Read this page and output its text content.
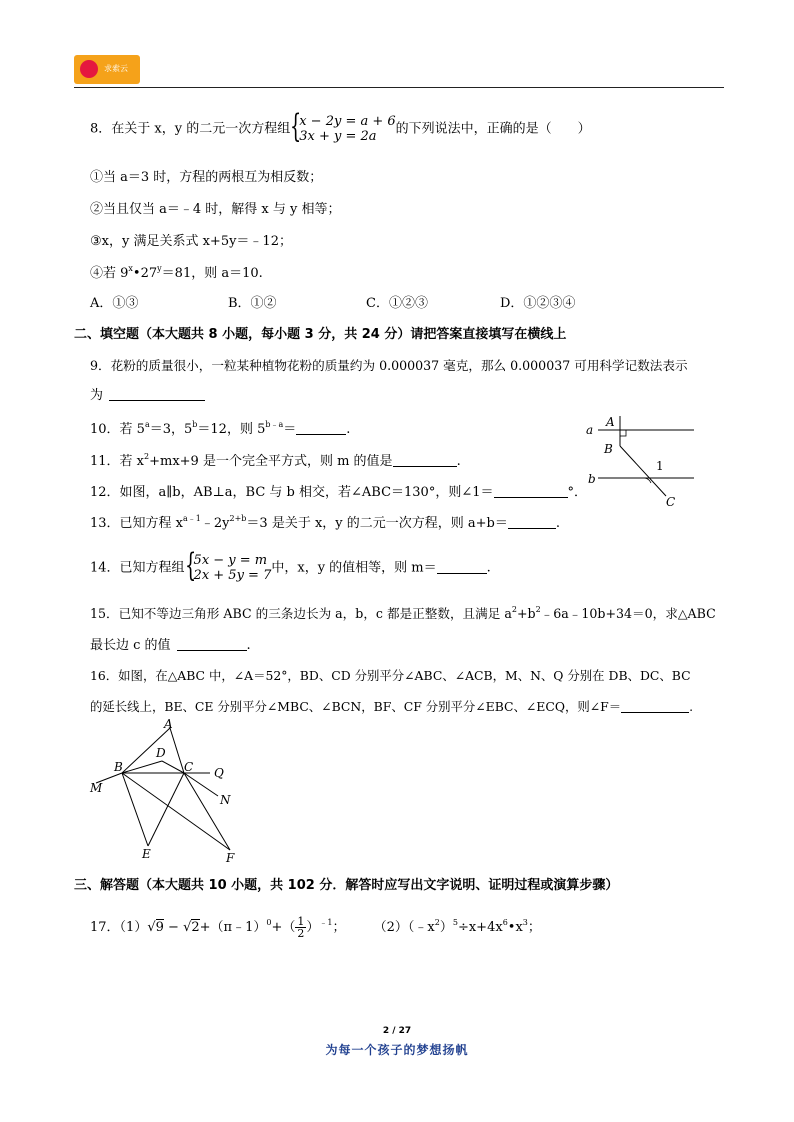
求索云
8．在关于 x，y 的二元一次方程组 {
x − 2y = a + 6
3x + y = 2a	的下列说法中，正确的是（　　）
①当 a＝3 时，方程的两根互为相反数；
②当且仅当 a＝﹣4 时，解得 x 与 y 相等；
③x，y 满足关系式 x+5y＝﹣12；
④若 $9^x•27^y=81$，则 a＝10.
A．①③	B．①②	C．①②③	D．①②③④
二、填空题（本大题共 8 小题，每小题 3 分，共 24 分）请把答案直接填写在横线上
9．花粉的质量很小，一粒某种植物花粉的质量约为 0.000037 毫克，那么 0.000037 可用科学记数法表示
为
10．若 $5^a=3$，$5^b=12$，则 $5^{b﹣a}=$	.
11．若 $x^2+mx+9$ 是一个完全平方式，则 m 的值是	.
12．如图，a∥b，AB⊥a，BC 与 b 相交，若∠ABC＝130°，则∠1＝	°．
13．已知方程 $x^{a﹣1}﹣2y^{2+b}=3$ 是关于 x，y 的二元一次方程，则 a+b＝	.
a
b
A
B
C
1
14．已知方程组 {
5x − y = m
2x + 5y = 7 中，x，y 的值相等，则 m＝	.
15．已知不等边三角形 ABC 的三条边长为 a，b，c 都是正整数，且满足 $a^2+b^2﹣6a﹣10b+34=0$，求△ABC
最长边 c 的值	.
16．如图，在△ABC 中，∠A＝52°，BD、CD 分别平分∠ABC、∠ACB，M、N、Q 分别在 DB、DC、BC
的延长线上，BE、CE 分别平分∠MBC、∠BCN，BF、CF 分别平分∠EBC、∠ECQ，则∠F＝	.
A
B	C
D
E	F
M
N
Q
三、解答题（本大题共 10 小题，共 102 分．解答时应写出文字说明、证明过程或演算步骤）
17．（1）√9 − √2+（π﹣1）$^0$+（ $\frac{1}{2} )^{﹣1}$； $(2)(﹣x^2)^5\div x+4x^6•x^3$；
2 / 27
为每一个孩子的梦想扬帆
